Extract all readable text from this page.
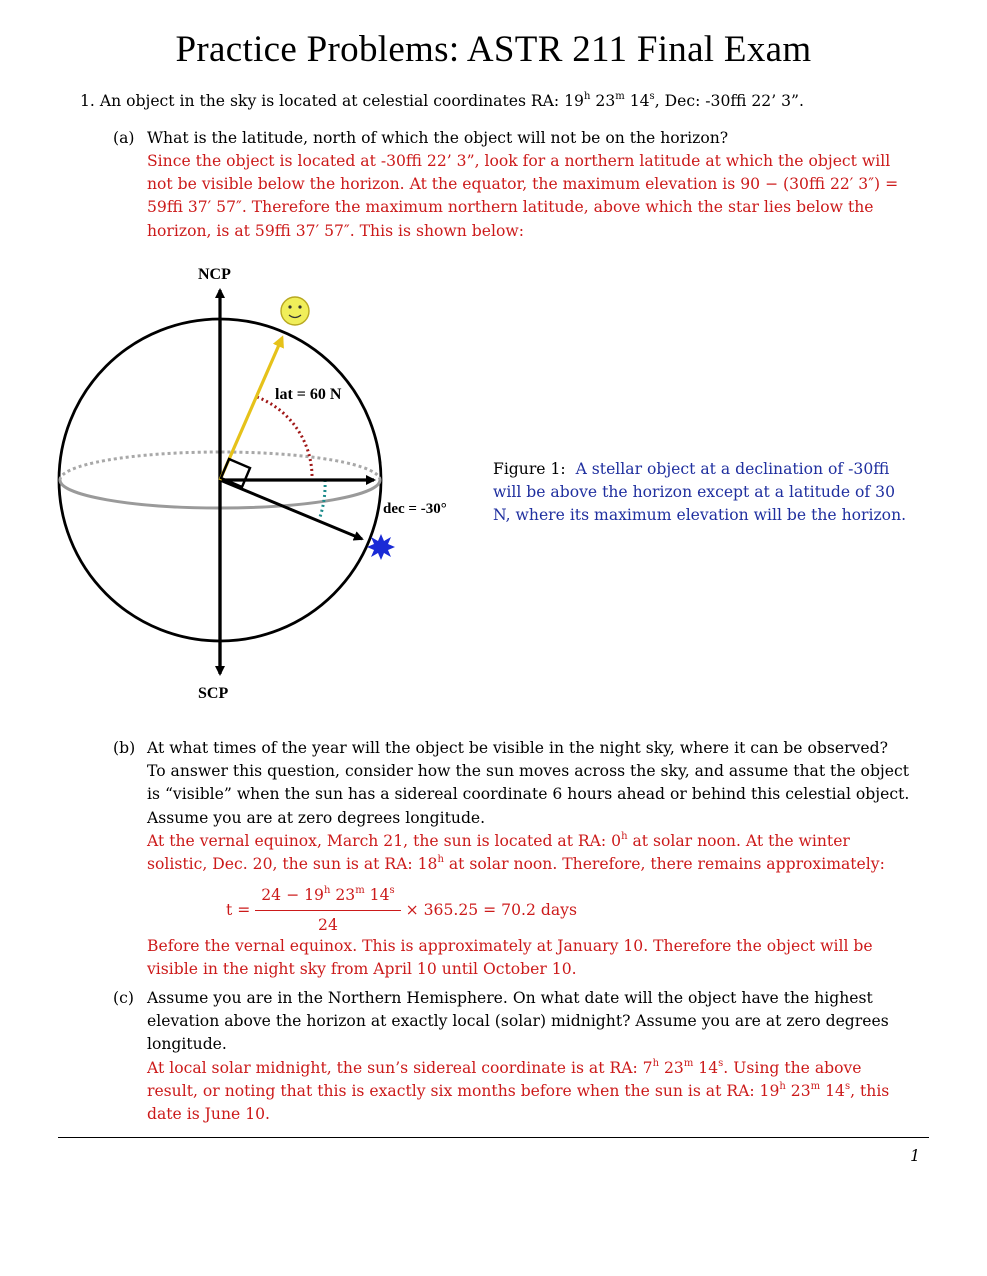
Practice Problems: ASTR 211 Final Exam
1. An object in the sky is located at celestial coordinates RA: 19$^h$ 23$^m$ 14$^s$, Dec: -30ﬃ 22’ 3”.
(a) What is the latitude, north of which the object will not be on the horizon?
Since the object is located at -30ﬃ 22’ 3”, look for a northern latitude at which the object will
not be visible below the horizon. At the equator, the maximum elevation is 90 − (30ﬃ 22′ 3″) =
59ﬃ 37′ 57″. Therefore the maximum northern latitude, above which the star lies below the
horizon, is at 59ﬃ 37′ 57″. This is shown below:
NCP
SCP
lat = 60 N
dec = -30°
Figure 1: A stellar object at a declination of -30ﬃ
will be above the horizon except at a latitude of 30
N, where its maximum elevation will be the horizon.
(b) At what times of the year will the object be visible in the night sky, where it can be observed?
To answer this question, consider how the sun moves across the sky, and assume that the object
is “visible” when the sun has a sidereal coordinate 6 hours ahead or behind this celestial object.
Assume you are at zero degrees longitude.
At the vernal equinox, March 21, the sun is located at RA: 0$^h$ at solar noon. At the winter
solistic, Dec. 20, the sun is at RA: 18$^h$ at solar noon. Therefore, there remains approximately:
$t = \frac{24 - 19^h 23^m 14^s}{24} \times 365.25 = 70.2$ days
Before the vernal equinox. This is approximately at January 10. Therefore the object will be
visible in the night sky from April 10 until October 10.
(c) Assume you are in the Northern Hemisphere. On what date will the object have the highest
elevation above the horizon at exactly local (solar) midnight? Assume you are at zero degrees
longitude.
At local solar midnight, the sun’s sidereal coordinate is at RA: 7$^h$ 23$^m$ 14$^s$. Using the above
result, or noting that this is exactly six months before when the sun is at RA: 19$^h$ 23$^m$ 14$^s$, this
date is June 10.
1
